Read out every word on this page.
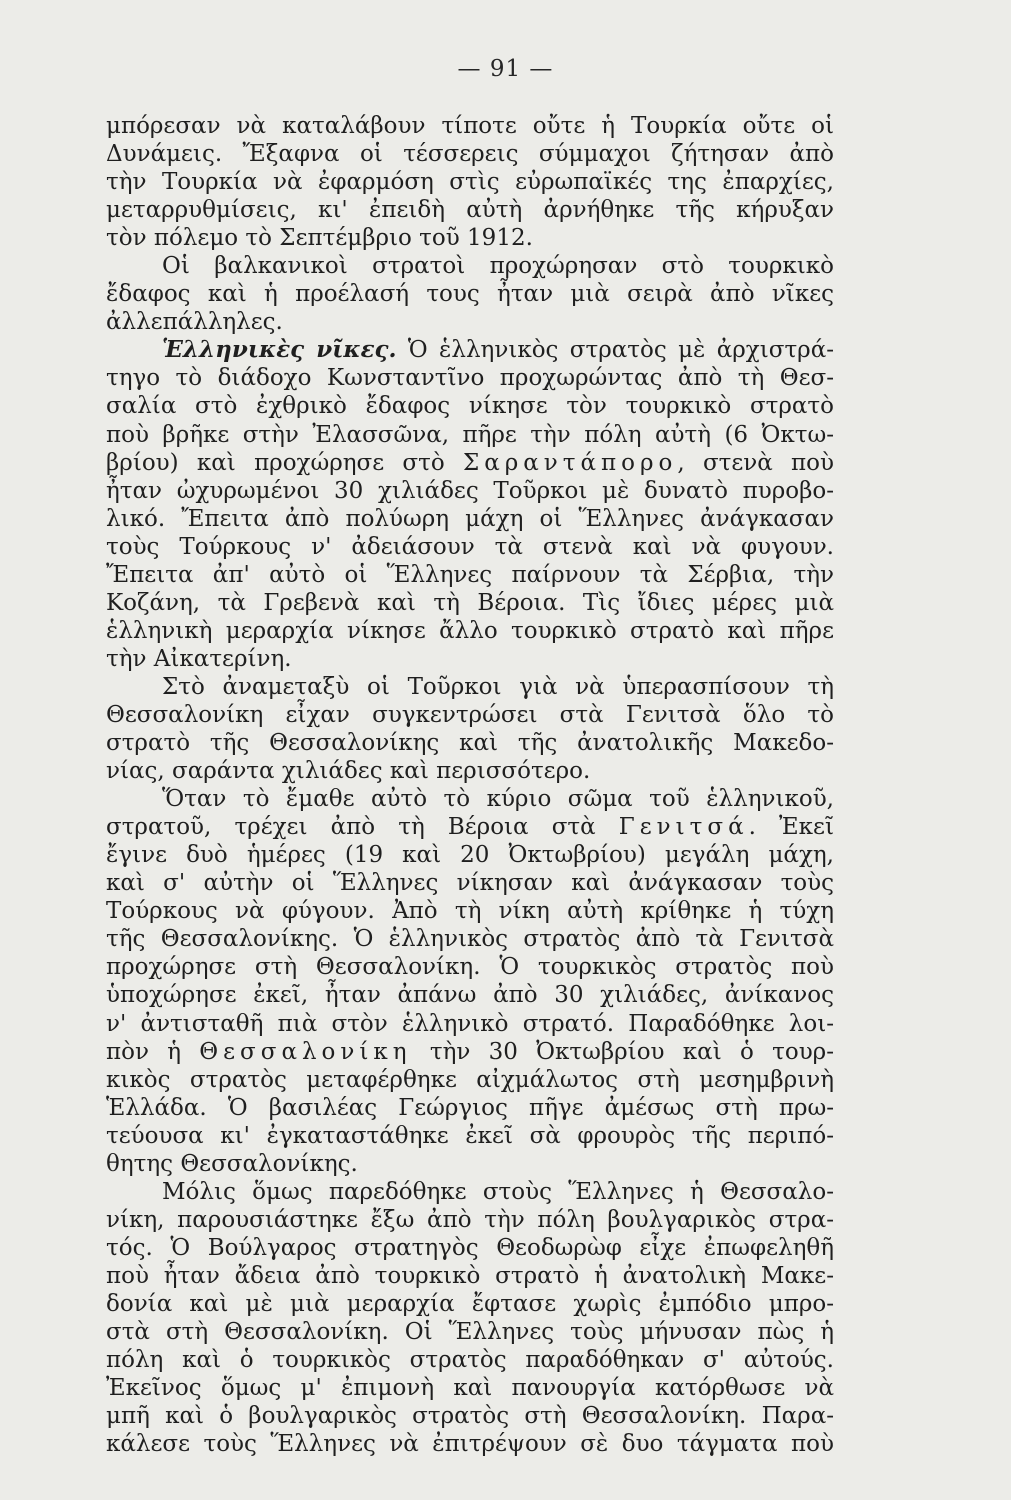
— 91 —
μπόρεσαν νὰ καταλάβουν τίποτε οὔτε ἡ Τουρκία οὔτε οἱ
Δυνάμεις. Ἔξαφνα οἱ τέσσερεις σύμμαχοι ζήτησαν ἀπὸ
τὴν Τουρκία νὰ ἐφαρμόση στὶς εὐρωπαϊκές της ἐπαρχίες,
μεταρρυθμίσεις, κι' ἐπειδὴ αὐτὴ ἀρνήθηκε τῆς κήρυξαν
τὸν πόλεμο τὸ Σεπτέμβριο τοῦ 1912.
Οἱ βαλκανικοὶ στρατοὶ προχώρησαν στὸ τουρκικὸ
ἔδαφος καὶ ἡ προέλασή τους ἦταν μιὰ σειρὰ ἀπὸ νῖκες
ἀλλεπάλληλες.
Ἑλληνικὲς νῖκες. Ὁ ἑλληνικὸς στρατὸς μὲ ἀρχιστρά-
τηγο τὸ διάδοχο Κωνσταντῖνο προχωρώντας ἀπὸ τὴ Θεσ-
σαλία στὸ ἐχθρικὸ ἔδαφος νίκησε τὸν τουρκικὸ στρατὸ
ποὺ βρῆκε στὴν Ἐλασσῶνα, πῆρε τὴν πόλη αὐτὴ (6 Ὀκτω-
βρίου) καὶ προχώρησε στὸ Σαραντάπορο, στενὰ ποὺ
ἦταν ὠχυρωμένοι 30 χιλιάδες Τοῦρκοι μὲ δυνατὸ πυροβο-
λικό. Ἔπειτα ἀπὸ πολύωρη μάχη οἱ Ἕλληνες ἀνάγκασαν
τοὺς Τούρκους ν' ἀδειάσουν τὰ στενὰ καὶ νὰ φυγουν.
Ἔπειτα ἀπ' αὐτὸ οἱ Ἕλληνες παίρνουν τὰ Σέρβια, τὴν
Κοζάνη, τὰ Γρεβενὰ καὶ τὴ Βέροια. Τὶς ἴδιες μέρες μιὰ
ἑλληνικὴ μεραρχία νίκησε ἄλλο τουρκικὸ στρατὸ καὶ πῆρε
τὴν Αἰκατερίνη.
Στὸ ἀναμεταξὺ οἱ Τοῦρκοι γιὰ νὰ ὑπερασπίσουν τὴ
Θεσσαλονίκη εἶχαν συγκεντρώσει στὰ Γενιτσὰ ὅλο τὸ
στρατὸ τῆς Θεσσαλονίκης καὶ τῆς ἀνατολικῆς Μακεδο-
νίας, σαράντα χιλιάδες καὶ περισσότερο.
Ὅταν τὸ ἔμαθε αὐτὸ τὸ κύριο σῶμα τοῦ ἑλληνικοῦ,
στρατοῦ, τρέχει ἀπὸ τὴ Βέροια στὰ Γενιτσά. Ἐκεῖ
ἔγινε δυὸ ἡμέρες (19 καὶ 20 Ὀκτωβρίου) μεγάλη μάχη,
καὶ σ' αὐτὴν οἱ Ἕλληνες νίκησαν καὶ ἀνάγκασαν τοὺς
Τούρκους νὰ φύγουν. Ἀπὸ τὴ νίκη αὐτὴ κρίθηκε ἡ τύχη
τῆς Θεσσαλονίκης. Ὁ ἑλληνικὸς στρατὸς ἀπὸ τὰ Γενιτσὰ
προχώρησε στὴ Θεσσαλονίκη. Ὁ τουρκικὸς στρατὸς ποὺ
ὑποχώρησε ἐκεῖ, ἦταν ἀπάνω ἀπὸ 30 χιλιάδες, ἀνίκανος
ν' ἀντισταθῆ πιὰ στὸν ἑλληνικὸ στρατό. Παραδόθηκε λοι-
πὸν ἡ Θεσσαλονίκη τὴν 30 Ὀκτωβρίου καὶ ὁ τουρ-
κικὸς στρατὸς μεταφέρθηκε αἰχμάλωτος στὴ μεσημβρινὴ
Ἑλλάδα. Ὁ βασιλέας Γεώργιος πῆγε ἀμέσως στὴ πρω-
τεύουσα κι' ἐγκαταστάθηκε ἐκεῖ σὰ φρουρὸς τῆς περιπό-
θητης Θεσσαλονίκης.
Μόλις ὅμως παρεδόθηκε στοὺς Ἕλληνες ἡ Θεσσαλο-
νίκη, παρουσιάστηκε ἔξω ἀπὸ τὴν πόλη βουλγαρικὸς στρα-
τός. Ὁ Βούλγαρος στρατηγὸς Θεοδωρὼφ εἶχε ἐπωφεληθῆ
ποὺ ἦταν ἄδεια ἀπὸ τουρκικὸ στρατὸ ἡ ἀνατολικὴ Μακε-
δονία καὶ μὲ μιὰ μεραρχία ἔφτασε χωρὶς ἐμπόδιο μπρο-
στὰ στὴ Θεσσαλονίκη. Οἱ Ἕλληνες τοὺς μήνυσαν πὼς ἡ
πόλη καὶ ὁ τουρκικὸς στρατὸς παραδόθηκαν σ' αὐτούς.
Ἐκεῖνος ὅμως μ' ἐπιμονὴ καὶ πανουργία κατόρθωσε νὰ
μπῆ καὶ ὁ βουλγαρικὸς στρατὸς στὴ Θεσσαλονίκη. Παρα-
κάλεσε τοὺς Ἕλληνες νὰ ἐπιτρέψουν σὲ δυο τάγματα ποὺ
